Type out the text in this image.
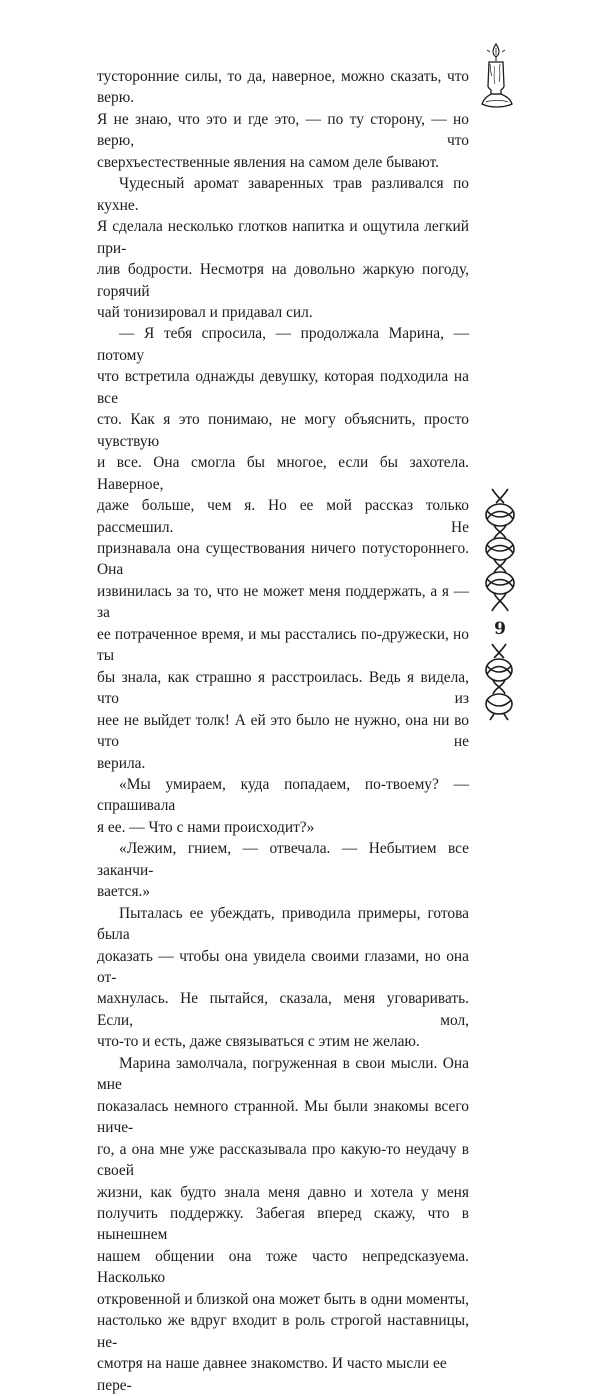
тусторонние силы, то да, наверное, можно сказать, что верю.
Я не знаю, что это и где это, — по ту сторону, — но верю, что
сверхъестественные явления на самом деле бывают.

Чудесный аромат заваренных трав разливался по кухне.
Я сделала несколько глотков напитка и ощутила легкий при-
лив бодрости. Несмотря на довольно жаркую погоду, горячий
чай тонизировал и придавал сил.

— Я тебя спросила, — продолжала Марина, — потому
что встретила однажды девушку, которая подходила на все
сто. Как я это понимаю, не могу объяснить, просто чувствую
и все. Она смогла бы многое, если бы захотела. Наверное,
даже больше, чем я. Но ее мой рассказ только рассмешил. Не
признавала она существования ничего потустороннего. Она
извинилась за то, что не может меня поддержать, а я — за
ее потраченное время, и мы расстались по-дружески, но ты
бы знала, как страшно я расстроилась. Ведь я видела, что из
нее не выйдет толк! А ей это было не нужно, она ни во что не
верила.

«Мы умираем, куда попадаем, по-твоему? — спрашивала
я ее. — Что с нами происходит?»

«Лежим, гнием, — отвечала. — Небытием все заканчи-
вается.»

Пыталась ее убеждать, приводила примеры, готова была
доказать — чтобы она увидела своими глазами, но она от-
махнулась. Не пытайся, сказала, меня уговаривать. Если, мол,
что-то и есть, даже связываться с этим не желаю.

Марина замолчала, погруженная в свои мысли. Она мне
показалась немного странной. Мы были знакомы всего ниче-
го, а она мне уже рассказывала про какую-то неудачу в своей
жизни, как будто знала меня давно и хотела у меня
получить поддержку. Забегая вперед скажу, что в нынешнем
нашем общении она тоже часто непредсказуема. Насколько
откровенной и близкой она может быть в одни моменты,
настолько же вдруг входит в роль строгой наставницы, не-
смотря на наше давнее знакомство. И часто мысли ее пере-

9
